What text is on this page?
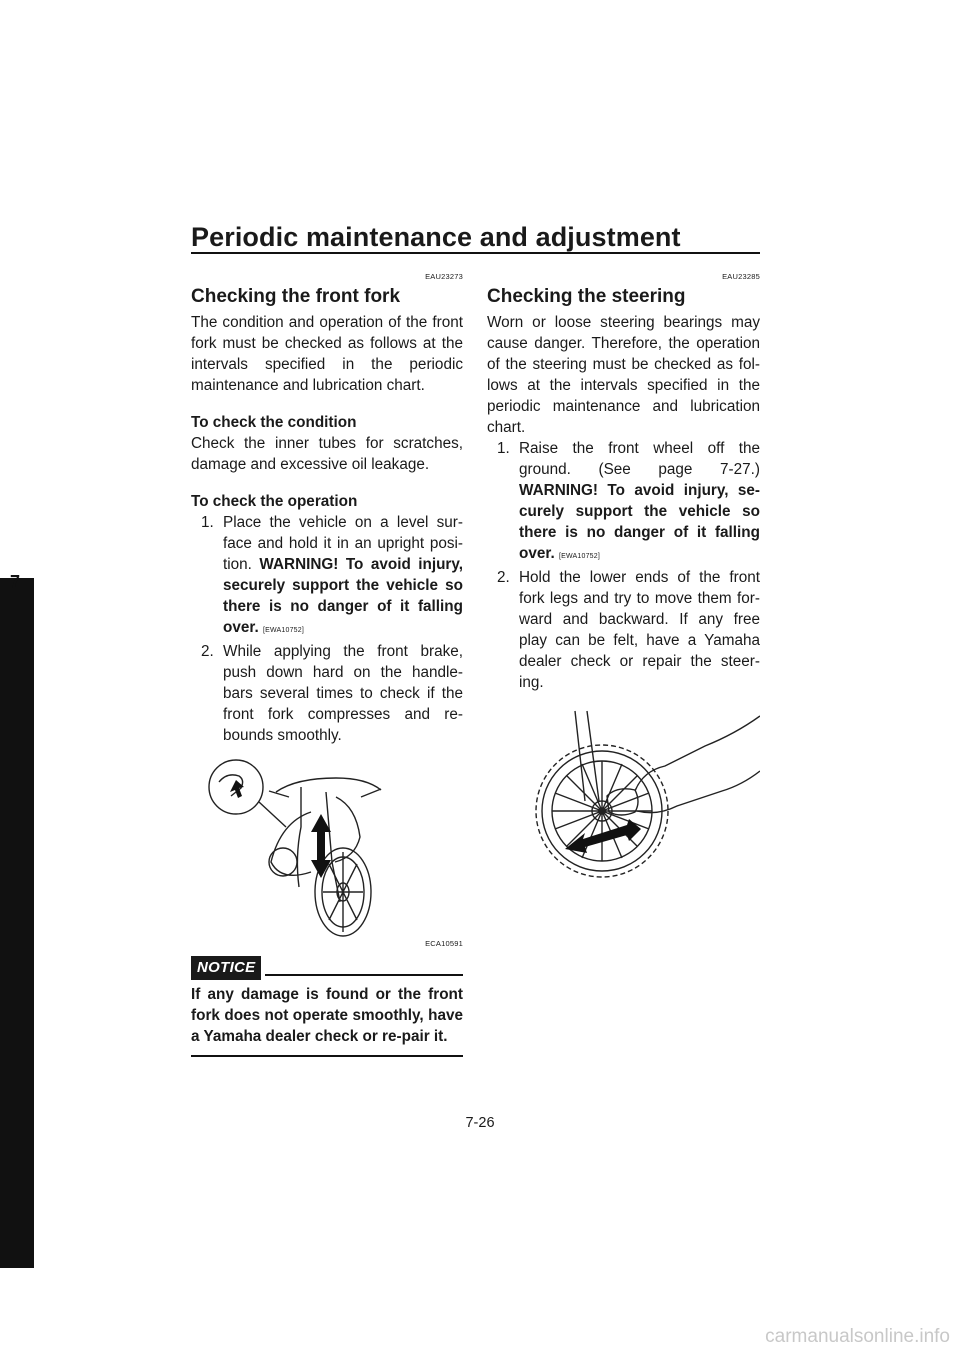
Periodic maintenance and adjustment
7
EAU23273
Checking the front fork

The condition and operation of the front fork must be checked as follows at the intervals specified in the periodic maintenance and lubrication chart.

To check the condition

Check the inner tubes for scratches, damage and excessive oil leakage.

To check the operation

1. Place the vehicle on a level sur-face and hold it in an upright posi-tion. WARNING! To avoid injury, securely support the vehicle so there is no danger of it falling over. [EWA10752]
2. While applying the front brake, push down hard on the handle-bars several times to check if the front fork compresses and re-bounds smoothly.
ECA10591
NOTICE

If any damage is found or the front fork does not operate smoothly, have a Yamaha dealer check or re-pair it.

EAU23285
Checking the steering

Worn or loose steering bearings may cause danger. Therefore, the operation of the steering must be checked as fol-lows at the intervals specified in the periodic maintenance and lubrication chart.

1. Raise the front wheel off the ground. (See page 7-27.) WARNING! To avoid injury, se-curely support the vehicle so there is no danger of it falling over. [EWA10752]
2. Hold the lower ends of the front fork legs and try to move them for-ward and backward. If any free play can be felt, have a Yamaha dealer check or repair the steer-ing.
7-26
carmanualsonline.info
